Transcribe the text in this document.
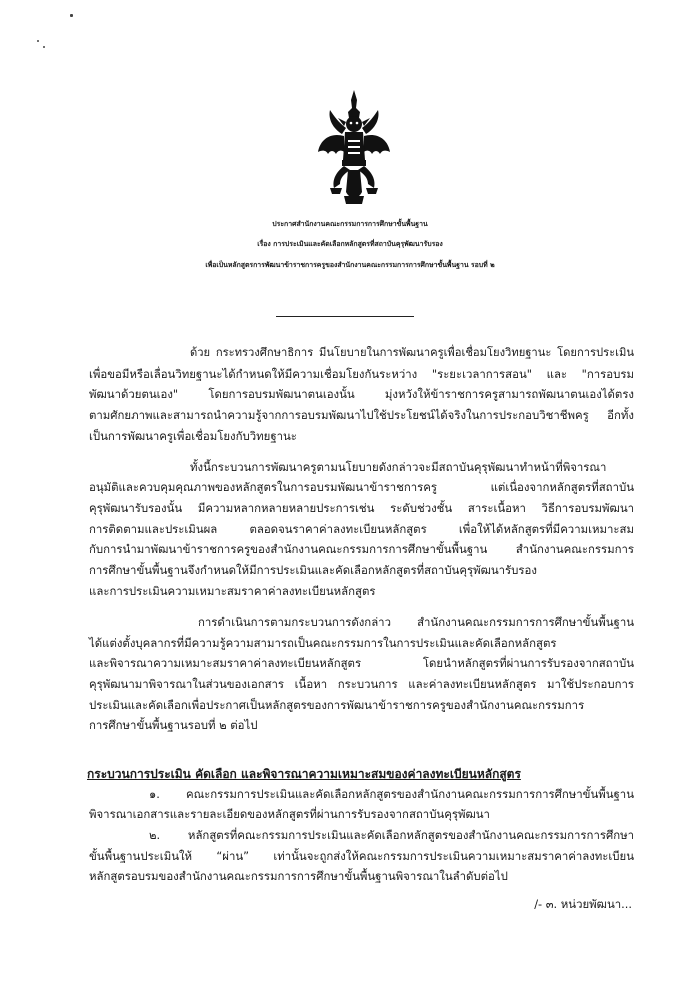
ประกาศสำนักงานคณะกรรมการการศึกษาขั้นพื้นฐาน
เรื่อง การประเมินและคัดเลือกหลักสูตรที่สถาบันคุรุพัฒนารับรอง
เพื่อเป็นหลักสูตรการพัฒนาข้าราชการครูของสำนักงานคณะกรรมการการศึกษาขั้นพื้นฐาน รอบที่ ๒
ด้วย กระทรวงศึกษาธิการ มีนโยบายในการพัฒนาครูเพื่อเชื่อมโยงวิทยฐานะ โดยการประเมิน
เพื่อขอมีหรือเลื่อนวิทยฐานะได้กำหนดให้มีความเชื่อมโยงกันระหว่าง "ระยะเวลาการสอน" และ "การอบรม
พัฒนาด้วยตนเอง" โดยการอบรมพัฒนาตนเองนั้น มุ่งหวังให้ข้าราชการครูสามารถพัฒนาตนเองได้ตรง
ตามศักยภาพและสามารถนำความรู้จากการอบรมพัฒนาไปใช้ประโยชน์ได้จริงในการประกอบวิชาชีพครู อีกทั้ง
เป็นการพัฒนาครูเพื่อเชื่อมโยงกับวิทยฐานะ
ทั้งนี้กระบวนการพัฒนาครูตามนโยบายดังกล่าวจะมีสถาบันคุรุพัฒนาทำหน้าที่พิจารณา
อนุมัติและควบคุมคุณภาพของหลักสูตรในการอบรมพัฒนาข้าราชการครู แต่เนื่องจากหลักสูตรที่สถาบัน
คุรุพัฒนารับรองนั้น มีความหลากหลายหลายประการเช่น ระดับช่วงชั้น สาระเนื้อหา วิธีการอบรมพัฒนา
การติดตามและประเมินผล ตลอดจนราคาค่าลงทะเบียนหลักสูตร เพื่อให้ได้หลักสูตรที่มีความเหมาะสม
กับการนำมาพัฒนาข้าราชการครูของสำนักงานคณะกรรมการการศึกษาขั้นพื้นฐาน สำนักงานคณะกรรมการ
การศึกษาขั้นพื้นฐานจึงกำหนดให้มีการประเมินและคัดเลือกหลักสูตรที่สถาบันคุรุพัฒนารับรอง
และการประเมินความเหมาะสมราคาค่าลงทะเบียนหลักสูตร
การดำเนินการตามกระบวนการดังกล่าว สำนักงานคณะกรรมการการศึกษาขั้นพื้นฐาน
ได้แต่งตั้งบุคลากรที่มีความรู้ความสามารถเป็นคณะกรรมการในการประเมินและคัดเลือกหลักสูตร
และพิจารณาความเหมาะสมราคาค่าลงทะเบียนหลักสูตร โดยนำหลักสูตรที่ผ่านการรับรองจากสถาบัน
คุรุพัฒนามาพิจารณาในส่วนของเอกสาร เนื้อหา กระบวนการ และค่าลงทะเบียนหลักสูตร มาใช้ประกอบการ
ประเมินและคัดเลือกเพื่อประกาศเป็นหลักสูตรของการพัฒนาข้าราชการครูของสำนักงานคณะกรรมการ
การศึกษาขั้นพื้นฐานรอบที่ ๒ ต่อไป
กระบวนการประเมิน คัดเลือก และพิจารณาความเหมาะสมของค่าลงทะเบียนหลักสูตร
๑. คณะกรรมการประเมินและคัดเลือกหลักสูตรของสำนักงานคณะกรรมการการศึกษาขั้นพื้นฐาน
พิจารณาเอกสารและรายละเอียดของหลักสูตรที่ผ่านการรับรองจากสถาบันคุรุพัฒนา
๒. หลักสูตรที่คณะกรรมการประเมินและคัดเลือกหลักสูตรของสำนักงานคณะกรรมการการศึกษา
ขั้นพื้นฐานประเมินให้ “ผ่าน” เท่านั้นจะถูกส่งให้คณะกรรมการประเมินความเหมาะสมราคาค่าลงทะเบียน
หลักสูตรอบรมของสำนักงานคณะกรรมการการศึกษาขั้นพื้นฐานพิจารณาในลำดับต่อไป
/- ๓. หน่วยพัฒนา...
